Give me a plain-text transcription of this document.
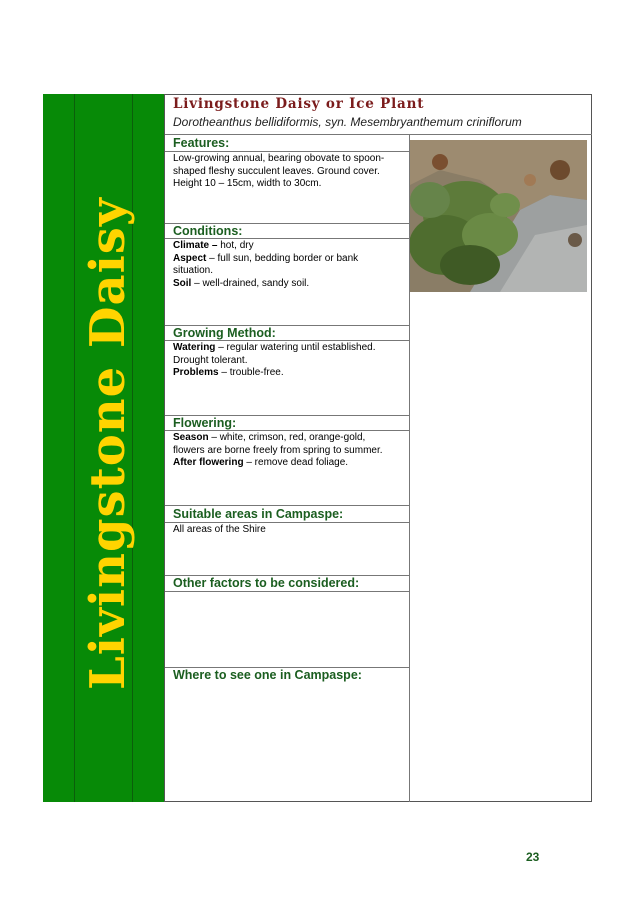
Livingstone Daisy
Livingstone Daisy or Ice Plant
Dorotheanthus bellidiformis, syn. Mesembryanthemum criniflorum
Features:
Low-growing annual, bearing obovate to spoon-
shaped fleshy succulent leaves. Ground cover.
Height 10 – 15cm, width to 30cm.
Conditions:
Climate – hot, dry
Aspect – full sun, bedding border or bank
situation.
Soil – well-drained, sandy soil.
Growing Method:
Watering – regular watering until established.
Drought tolerant.
Problems – trouble-free.
Flowering:
Season – white, crimson, red, orange-gold,
flowers are borne freely from spring to summer.
After flowering – remove dead foliage.
Suitable areas in Campaspe:
All areas of the Shire
Other factors to be considered:
Where to see one in Campaspe:
23
